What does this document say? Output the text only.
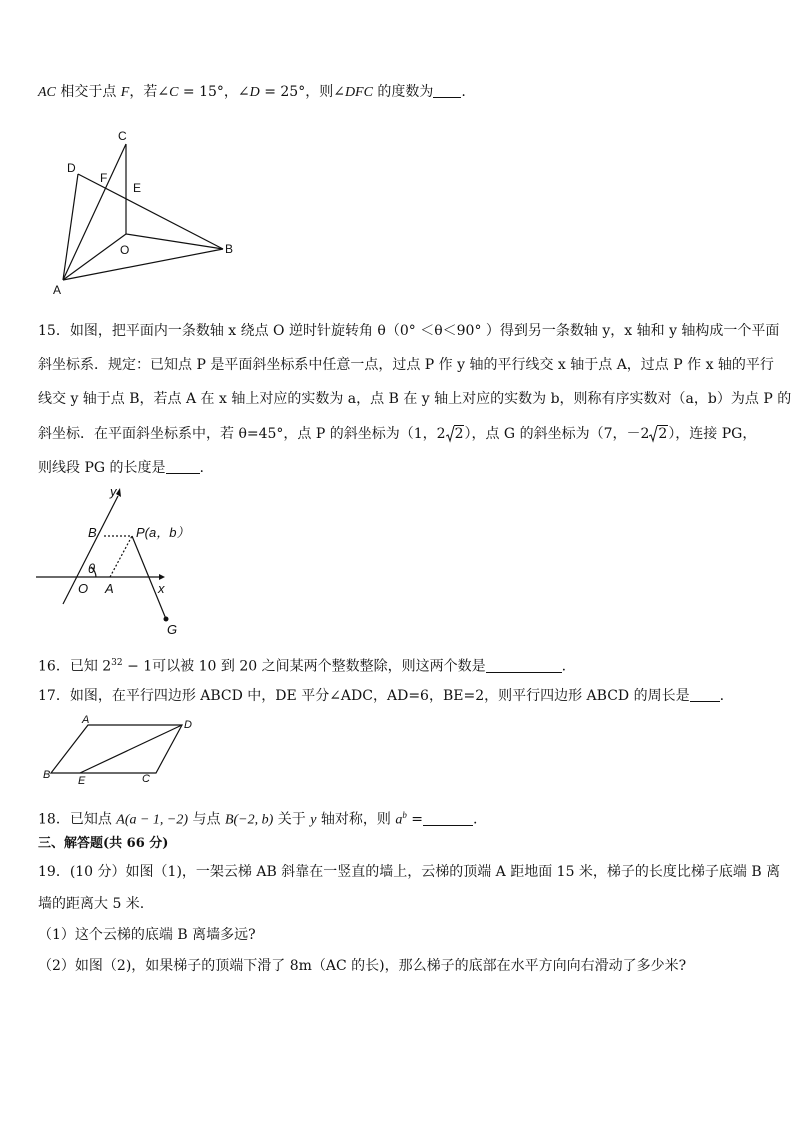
AC 相交于点 F，若∠C = 15°，∠D = 25°，则∠DFC 的度数为 .
C
D
F
E
O	B
A
15．如图，把平面内一条数轴 x 绕点 O 逆时针旋转角 θ（0° ＜θ＜90° ）得到另一条数轴 y，x 轴和 y 轴构成一个平面
斜坐标系．规定：已知点 P 是平面斜坐标系中任意一点，过点 P 作 y 轴的平行线交 x 轴于点 A，过点 P 作 x 轴的平行
线交 y 轴于点 B，若点 A 在 x 轴上对应的实数为 a，点 B 在 y 轴上对应的实数为 b，则称有序实数对（a，b）为点 P 的
斜坐标．在平面斜坐标系中，若 θ=45°，点 P 的斜坐标为（1，2 2），点 G 的斜坐标为（7，－2 2），连接 PG，
则线段 PG 的长度是 .
y
B	P(a，b）
θ
O A	x
G
16．已知 $2^{32} - 1$可以被 10 到 20 之间某两个整数整除，则这两个数是	.
17．如图，在平行四边形 ABCD 中，DE 平分∠ADC，AD=6，BE=2，则平行四边形 ABCD 的周长是 .
A	D
B	E	C
18．已知点 A(a − 1, −2) 与点 B(−2, b) 关于 y 轴对称，则 $a^b$ =	.
三、解答题(共 66 分)
19．(10 分）如图（1)，一架云梯 AB 斜靠在一竖直的墙上，云梯的顶端 A 距地面 15 米，梯子的长度比梯子底端 B 离
墙的距离大 5 米.
（1）这个云梯的底端 B 离墙多远?
（2）如图（2)，如果梯子的顶端下滑了 8m（AC 的长)，那么梯子的底部在水平方向向右滑动了多少米?
